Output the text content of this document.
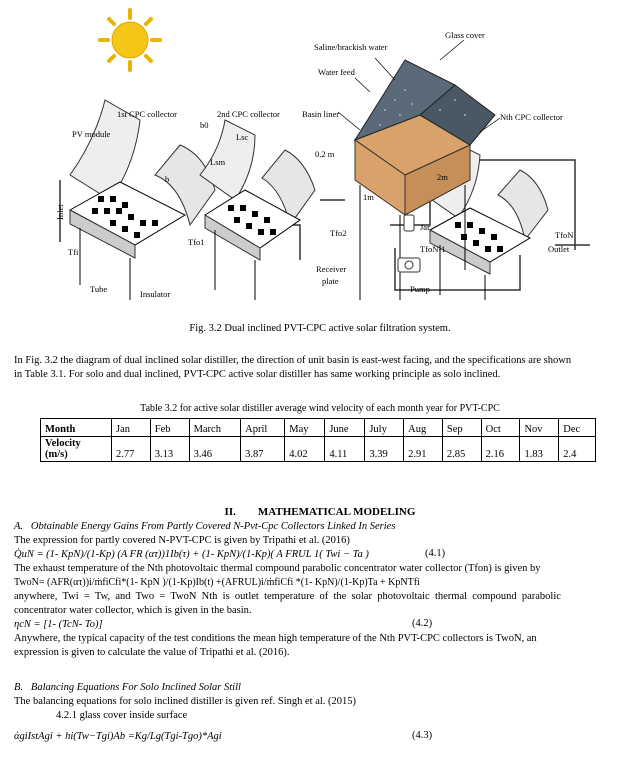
Glass cover
Saline/brackish water
Water feed
Basin liner
1st CPC collector	2nd CPC collector	Nth CPC collector
PV module
b0
Lsc
Lsm
b
0.2 m
1m
2m
Inlet
Tfi
Tfo1
Tfo2
TfoN-1
TfoN
Tube	Insulator
Receiver
plate
Jar
Pump
Outlet
Fig. 3.2 Dual inclined PVT-CPC active solar filtration system.
In Fig. 3.2 the diagram of dual inclined solar distiller, the direction of unit basin is east-west facing, and the specifications are shown
in Table 3.1. For solo and dual inclined, PVT-CPC active solar distiller has same working principle as solo inclined.
Table 3.2 for active solar distiller average wind velocity of each month year for PVT-CPC
Month	Jan	Feb	March	April	May	June	July	Aug	Sep	Oct	Nov	Dec

Velocity
(m/s)	2.77	3.13	3.46	3.87	4.02	4.11	3.39	2.91	2.85	2.16	1.83	2.4
II.        MATHEMATICAL MODELING
A.   Obtainable Energy Gains From Partly Covered N-Pvt-Cpc Collectors Linked In Series
The expression for partly covered N-PVT-CPC is given by Tripathi et al. (2016)
Q̇uN = (1- KpN)/(1-Kp) (A FR (ατ))1Ib(τ) + (1- KpN)/(1-Kp)( A FRUL 1( Twi − Ta )	(4.1)
The exhaust temperature of the Nth photovoltaic thermal compound parabolic concentrator water collector (Tfon) is given by
TwoN= (AFR(ατ))i/ṁfiCfi*(1- KpN )/(1-Kp)Ib(t) +(AFRUL)i/ṁfiCfi *(1- KpN)/(1-Kp)Ta + KpNTfi
anywhere,  Twi  =  Tw,  and  Two  =  TwoN  Nth  is  outlet  temperature  of  the  solar  photovoltaic  thermal  compound  parabolic
concentrator water collector, which is given in the basin.
ηcN = [1- (TcN- To)]	(4.2)
Anywhere, the typical capacity of the test conditions the mean high temperature of the Nth PVT-CPC collectors is TwoN, an
expression is given to calculate the value of Tripathi et al. (2016).
B.   Balancing Equations For Solo Inclined Solar Still
The balancing equations for solo inclined distiller is given ref. Singh et al. (2015)
4.2.1 glass cover inside surface
ἀgiIstAgi + hi(Tw−Tgi)Ab =Kg/Lg(Tgi-Tgo)*Agi	(4.3)
